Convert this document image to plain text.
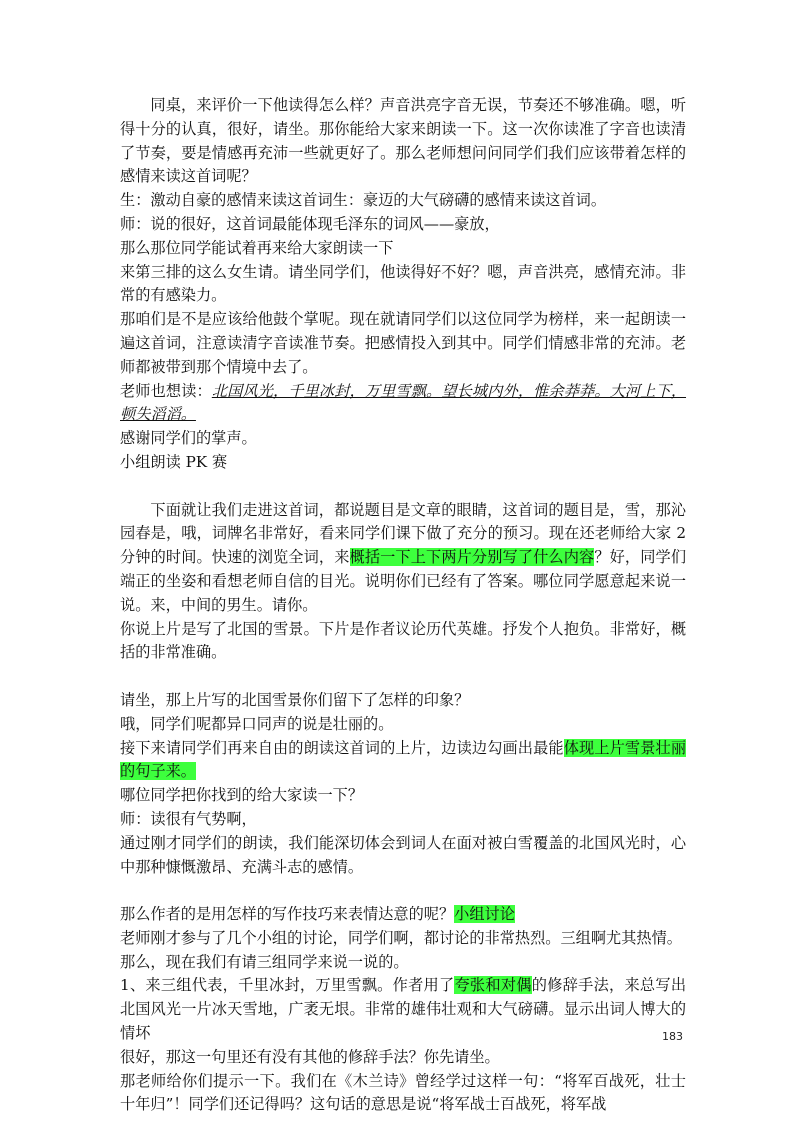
同桌，来评价一下他读得怎么样？声音洪亮字音无误，节奏还不够准确。嗯，听得十分的认真，很好，请坐。那你能给大家来朗读一下。这一次你读准了字音也读清了节奏，要是情感再充沛一些就更好了。那么老师想问问同学们我们应该带着怎样的感情来读这首词呢？

生：激动自豪的感情来读这首词生：豪迈的大气磅礴的感情来读这首词。

师：说的很好，这首词最能体现毛泽东的词风——豪放，

那么那位同学能试着再来给大家朗读一下

来第三排的这么女生请。请坐同学们，他读得好不好？嗯，声音洪亮，感情充沛。非常的有感染力。

那咱们是不是应该给他鼓个掌呢。现在就请同学们以这位同学为榜样，来一起朗读一遍这首词，注意读清字音读准节奏。把感情投入到其中。同学们情感非常的充沛。老师都被带到那个情境中去了。

老师也想读：北国风光，千里冰封，万里雪飘。望长城内外，惟余莽莽。大河上下，顿失滔滔。

感谢同学们的掌声。

小组朗读 PK 赛

下面就让我们走进这首词，都说题目是文章的眼睛，这首词的题目是，雪，那沁园春是，哦，词牌名非常好，看来同学们课下做了充分的预习。现在还老师给大家 2 分钟的时间。快速的浏览全词，来概括一下上下两片分别写了什么内容？好，同学们端正的坐姿和看想老师自信的目光。说明你们已经有了答案。哪位同学愿意起来说一说。来，中间的男生。请你。

你说上片是写了北国的雪景。下片是作者议论历代英雄。抒发个人抱负。非常好，概括的非常准确。

请坐，那上片写的北国雪景你们留下了怎样的印象？

哦，同学们呢都异口同声的说是壮丽的。

接下来请同学们再来自由的朗读这首词的上片，边读边勾画出最能体现上片雪景壮丽的句子来。

哪位同学把你找到的给大家读一下？

师：读很有气势啊，

通过刚才同学们的朗读，我们能深切体会到词人在面对被白雪覆盖的北国风光时，心中那种慷慨激昂、充满斗志的感情。

那么作者的是用怎样的写作技巧来表情达意的呢？小组讨论

老师刚才参与了几个小组的讨论，同学们啊，都讨论的非常热烈。三组啊尤其热情。

那么，现在我们有请三组同学来说一说的。

1、来三组代表，千里冰封，万里雪飘。作者用了夸张和对偶的修辞手法，来总写出北国风光一片冰天雪地，广袤无垠。非常的雄伟壮观和大气磅礴。显示出词人博大的情坏

很好，那这一句里还有没有其他的修辞手法？你先请坐。

那老师给你们提示一下。我们在《木兰诗》曾经学过这样一句：“将军百战死，壮士十年归”！同学们还记得吗？这句话的意思是说“将军战士百战死，将军战

183
